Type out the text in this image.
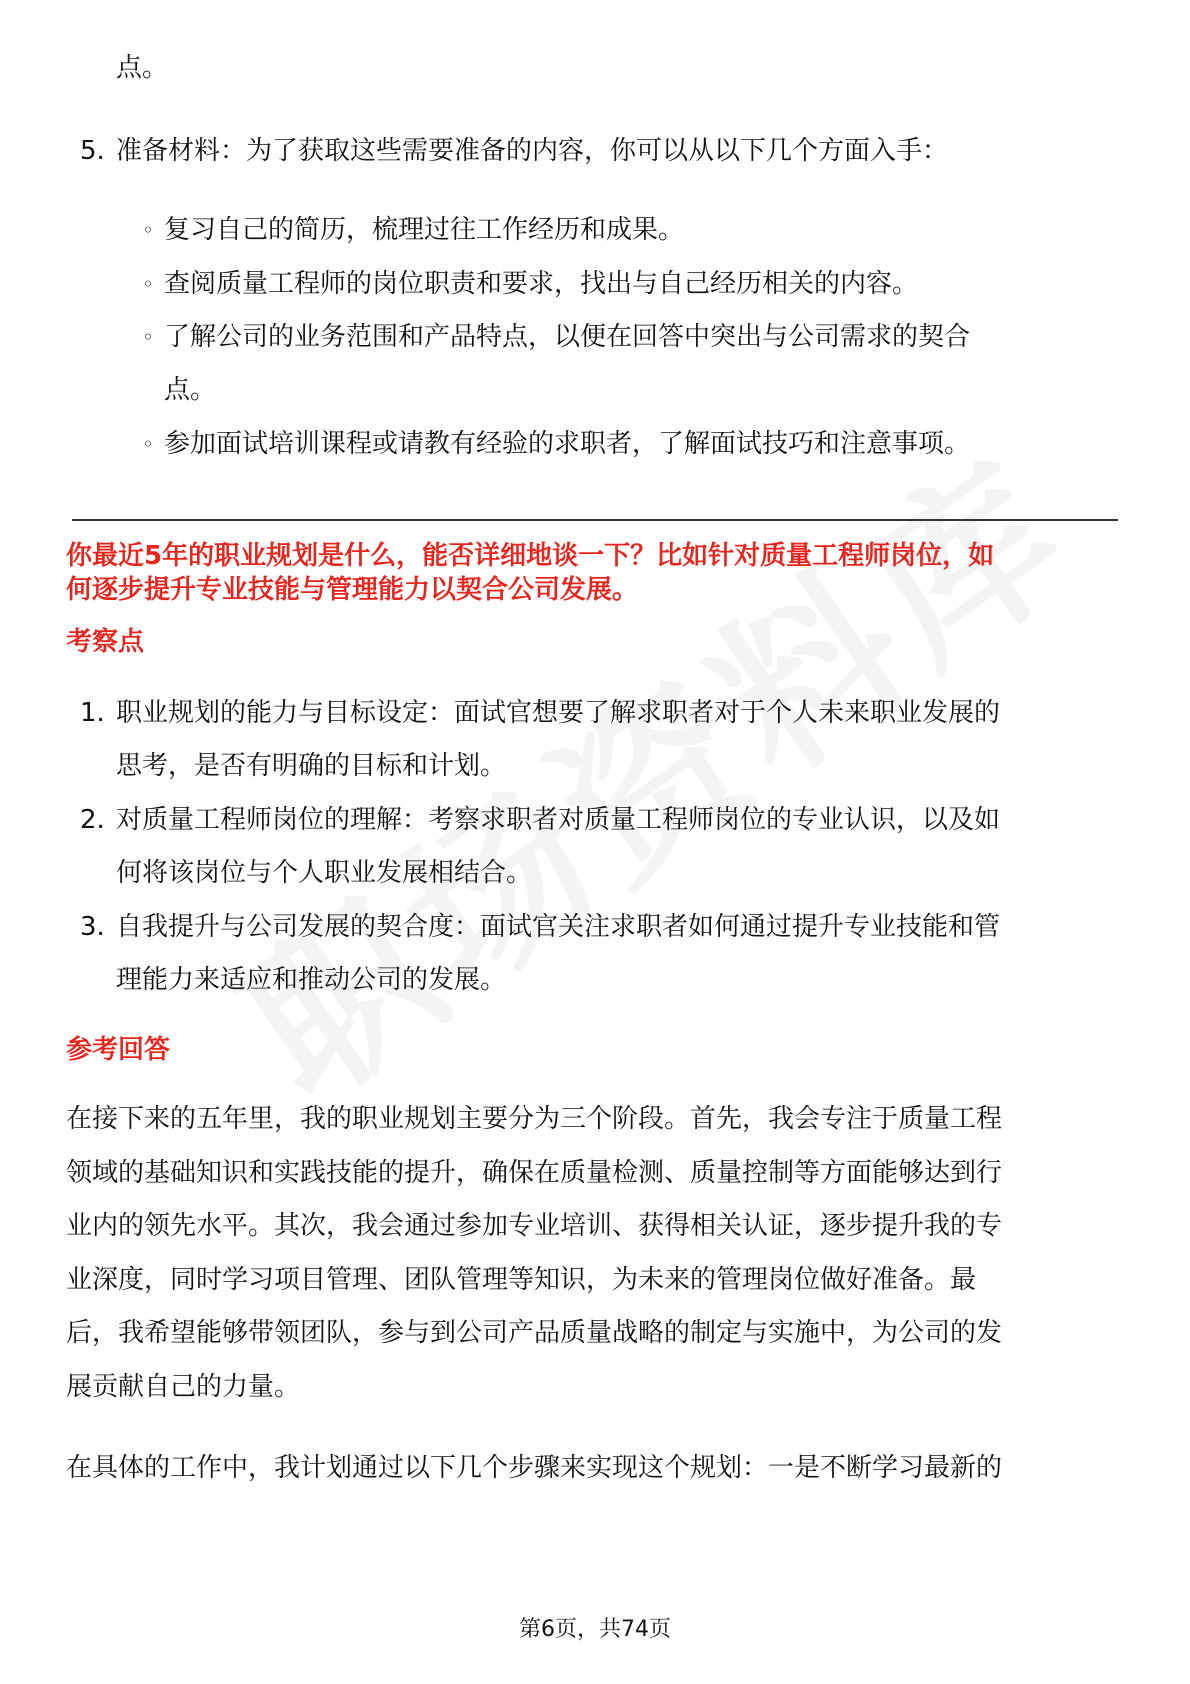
点。
5. 准备材料：为了获取这些需要准备的内容，你可以从以下几个方面入手：
◦ 复习自己的简历，梳理过往工作经历和成果。
◦ 查阅质量工程师的岗位职责和要求，找出与自己经历相关的内容。
◦ 了解公司的业务范围和产品特点，以便在回答中突出与公司需求的契合
点。
◦ 参加面试培训课程或请教有经验的求职者，了解面试技巧和注意事项。
你最近5年的职业规划是什么，能否详细地谈一下？比如针对质量工程师岗位，如
何逐步提升专业技能与管理能力以契合公司发展。
考察点
1. 职业规划的能力与目标设定：面试官想要了解求职者对于个人未来职业发展的
思考，是否有明确的目标和计划。
2. 对质量工程师岗位的理解：考察求职者对质量工程师岗位的专业认识，以及如
何将该岗位与个人职业发展相结合。
3. 自我提升与公司发展的契合度：面试官关注求职者如何通过提升专业技能和管
理能力来适应和推动公司的发展。
参考回答
在接下来的五年里，我的职业规划主要分为三个阶段。首先，我会专注于质量工程
领域的基础知识和实践技能的提升，确保在质量检测、质量控制等方面能够达到行
业内的领先水平。其次，我会通过参加专业培训、获得相关认证，逐步提升我的专
业深度，同时学习项目管理、团队管理等知识，为未来的管理岗位做好准备。最
后，我希望能够带领团队，参与到公司产品质量战略的制定与实施中，为公司的发
展贡献自己的力量。
在具体的工作中，我计划通过以下几个步骤来实现这个规划：一是不断学习最新的
第6页，共74页
